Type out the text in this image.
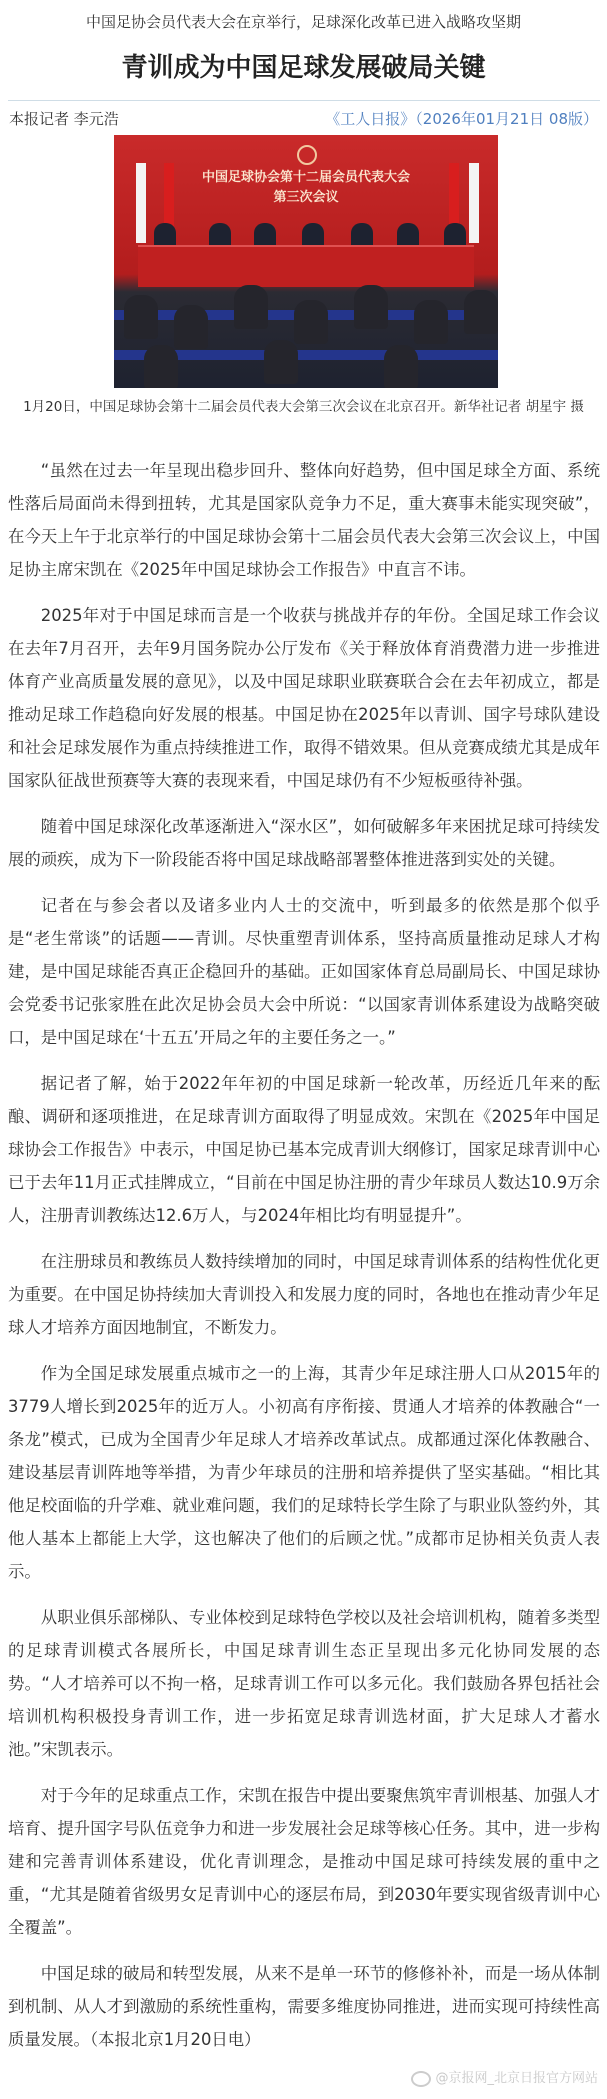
中国足协会员代表大会在京举行，足球深化改革已进入战略攻坚期
青训成为中国足球发展破局关键
本报记者 李元浩	《工人日报》（2026年01月21日 08版）
中国足球协会第十二届会员代表大会
第三次会议
1月20日，中国足球协会第十二届会员代表大会第三次会议在北京召开。新华社记者 胡星宇 摄

“虽然在过去一年呈现出稳步回升、整体向好趋势，但中国足球全方面、系统性落后局面尚未得到扭转，尤其是国家队竞争力不足，重大赛事未能实现突破”，在今天上午于北京举行的中国足球协会第十二届会员代表大会第三次会议上，中国足协主席宋凯在《2025年中国足球协会工作报告》中直言不讳。

2025年对于中国足球而言是一个收获与挑战并存的年份。全国足球工作会议在去年7月召开，去年9月国务院办公厅发布《关于释放体育消费潜力进一步推进体育产业高质量发展的意见》，以及中国足球职业联赛联合会在去年初成立，都是推动足球工作趋稳向好发展的根基。中国足协在2025年以青训、国字号球队建设和社会足球发展作为重点持续推进工作，取得不错效果。但从竞赛成绩尤其是成年国家队征战世预赛等大赛的表现来看，中国足球仍有不少短板亟待补强。

随着中国足球深化改革逐渐进入“深水区”，如何破解多年来困扰足球可持续发展的顽疾，成为下一阶段能否将中国足球战略部署整体推进落到实处的关键。

记者在与参会者以及诸多业内人士的交流中，听到最多的依然是那个似乎是“老生常谈”的话题——青训。尽快重塑青训体系，坚持高质量推动足球人才构建，是中国足球能否真正企稳回升的基础。正如国家体育总局副局长、中国足球协会党委书记张家胜在此次足协会员大会中所说：“以国家青训体系建设为战略突破口，是中国足球在‘十五五’开局之年的主要任务之一。”

据记者了解，始于2022年年初的中国足球新一轮改革，历经近几年来的酝酿、调研和逐项推进，在足球青训方面取得了明显成效。宋凯在《2025年中国足球协会工作报告》中表示，中国足协已基本完成青训大纲修订，国家足球青训中心已于去年11月正式挂牌成立，“目前在中国足协注册的青少年球员人数达10.9万余人，注册青训教练达12.6万人，与2024年相比均有明显提升”。

在注册球员和教练员人数持续增加的同时，中国足球青训体系的结构性优化更为重要。在中国足协持续加大青训投入和发展力度的同时，各地也在推动青少年足球人才培养方面因地制宜，不断发力。

作为全国足球发展重点城市之一的上海，其青少年足球注册人口从2015年的3779人增长到2025年的近万人。小初高有序衔接、贯通人才培养的体教融合“一条龙”模式，已成为全国青少年足球人才培养改革试点。成都通过深化体教融合、建设基层青训阵地等举措，为青少年球员的注册和培养提供了坚实基础。“相比其他足校面临的升学难、就业难问题，我们的足球特长学生除了与职业队签约外，其他人基本上都能上大学，这也解决了他们的后顾之忧。”成都市足协相关负责人表示。

从职业俱乐部梯队、专业体校到足球特色学校以及社会培训机构，随着多类型的足球青训模式各展所长，中国足球青训生态正呈现出多元化协同发展的态势。“人才培养可以不拘一格，足球青训工作可以多元化。我们鼓励各界包括社会培训机构积极投身青训工作，进一步拓宽足球青训选材面，扩大足球人才蓄水池。”宋凯表示。

对于今年的足球重点工作，宋凯在报告中提出要聚焦筑牢青训根基、加强人才培育、提升国字号队伍竞争力和进一步发展社会足球等核心任务。其中，进一步构建和完善青训体系建设，优化青训理念，是推动中国足球可持续发展的重中之重，“尤其是随着省级男女足青训中心的逐层布局，到2030年要实现省级青训中心全覆盖”。

中国足球的破局和转型发展，从来不是单一环节的修修补补，而是一场从体制到机制、从人才到激励的系统性重构，需要多维度协同推进，进而实现可持续性高质量发展。（本报北京1月20日电）

@京报网_北京日报官方网站
